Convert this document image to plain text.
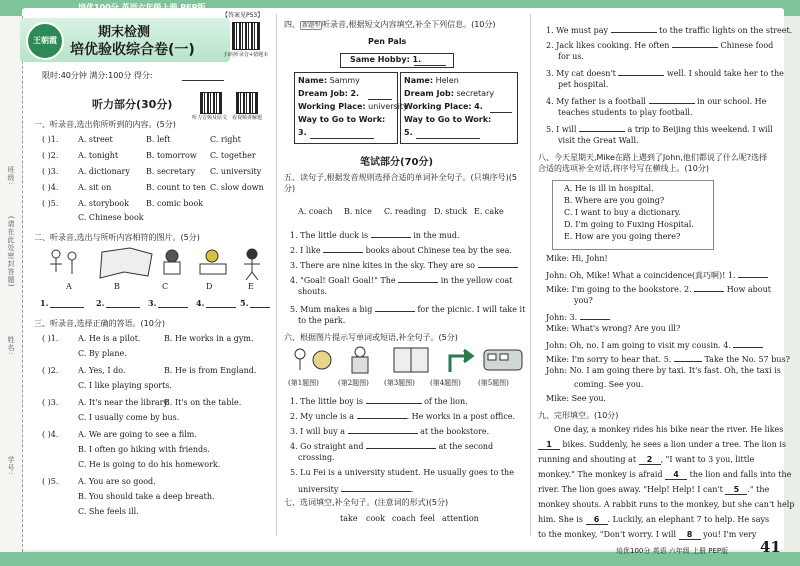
培优100分 英语六年级上册 PEP版
班级:
(请在此处密封答题)
姓名:
学号:
王朝霞
期末检测
培优验收综合卷(一)
【答案见P53】
扫码听录音+错题本
限时:40分钟 满分:100分 得分:
听力部分(30分)
听力音频及原文 看视频讲解题
一、听录音,选出你所听到的内容。(5分)
( )1. A. street	B. left	C. right
( )2. A. tonight	B. tomorrow C. together
( )3. A. dictionary B. secretary C. university
( )4. A. sit on	B. count to ten C. slow down
( )5. A. storybook B. comic book
C. Chinese book
二、听录音,选出与所听内容相符的图片。(5分)
A	B	C	D	E
1.	2.	3.	4.	5.
三、听录音,选择正确的答语。(10分)
( )1. A. He is a pilot.	B. He works in a gym.
C. By plane.
( )2. A. Yes, I do.	B. He is from England.
C. I like playing sports.
( )3. A. It's near the library.
B. It's on the table.
C. I usually come by bus.
( )4. A. We are going to see a film.
B. I often go hiking with friends.
C. He is going to do his homework.
( )5. A. You are so good.
B. You should take a deep breath.
C. She feels ill.
四、 新题型 听录音,根据短文内容填空,补全下列信息。(10分)
Pen Pals
Same Hobby: 1.
Name: Sammy
Dream Job: 2.
Working Place: university
Way to Go to Work:
3.
Name: Helen
Dream Job: secretary
Working Place: 4.
Way to Go to Work:
5.
笔试部分(70分)
五、读句子,根据发音规则选择合适的单词补全句子。(只填序号)(5分)
A. coach B. nice C. reading D. stuck E. cake
1. The little duck is	in the mud.
2. I like	books about Chinese tea by the sea.
3. There are nine kites in the sky. They are so
4. "Goal! Goal! Goal!" The	in the yellow coat
shouts.
5. Mum makes a big	for the picnic. I will take it
to the park.
六、根据图片提示写单词或短语,补全句子。(5分)
(第1题图)	(第2题图) (第3题图) (第4题图) (第5题图)
1. The little boy is	of the lion.
2. My uncle is a	. He works in a post office.
3. I will buy a	at the bookstore.
4. Go straight and	at the second
crossing.
5. Lu Fei is a university student. He usually goes to the
university	.
七、选词填空,补全句子。(注意词的形式)(5分)
take cook coach feel attention
1. We must pay	to the traffic lights on the street.
2. Jack likes cooking. He often	Chinese food
for us.
3. My cat doesn't	well. I should take her to the
pet hospital.
4. My father is a football	in our school. He
teaches students to play football.
5. I will	a trip to Beijing this weekend. I will
visit the Great Wall.
八、今天星期天,Mike在路上遇到了John,他们都说了什么呢?选择合适的选项补全对话,将序号写在横线上。(10分)
A. He is ill in hospital.
B. Where are you going?
C. I want to buy a dictionary.
D. I'm going to Fuxing Hospital.
E. How are you going there?
Mike: Hi, John!
John: Oh, Mike! What a coincidence(真巧啊)! 1.
Mike: I'm going to the bookstore. 2.	How about
you?
John: 3.
Mike: What's wrong? Are you ill?
John: Oh, no. I am going to visit my cousin. 4.
Mike: I'm sorry to hear that. 5.	Take the No. 57 bus?
John: No. I am going there by taxi. It's fast. Oh, the taxi is
coming. See you.
Mike: See you.
九、完形填空。(10分)
One day, a monkey rides his bike near the river. He likes
1 bikes. Suddenly, he sees a lion under a tree. The lion is
running and shouting at 2 , "I want to 3 you, little
monkey." The monkey is afraid 4 the lion and falls into the
river. The lion goes away. "Help! Help! I can't 5 ." the
monkey shouts. A rabbit runs to the monkey, but she can't help
him. She is 6 . Luckily, an elephant 7 to help. He says
to the monkey, "Don't worry. I will 8 you! I'm very
培优100分 英语 六年级 上册 PEP版 41
